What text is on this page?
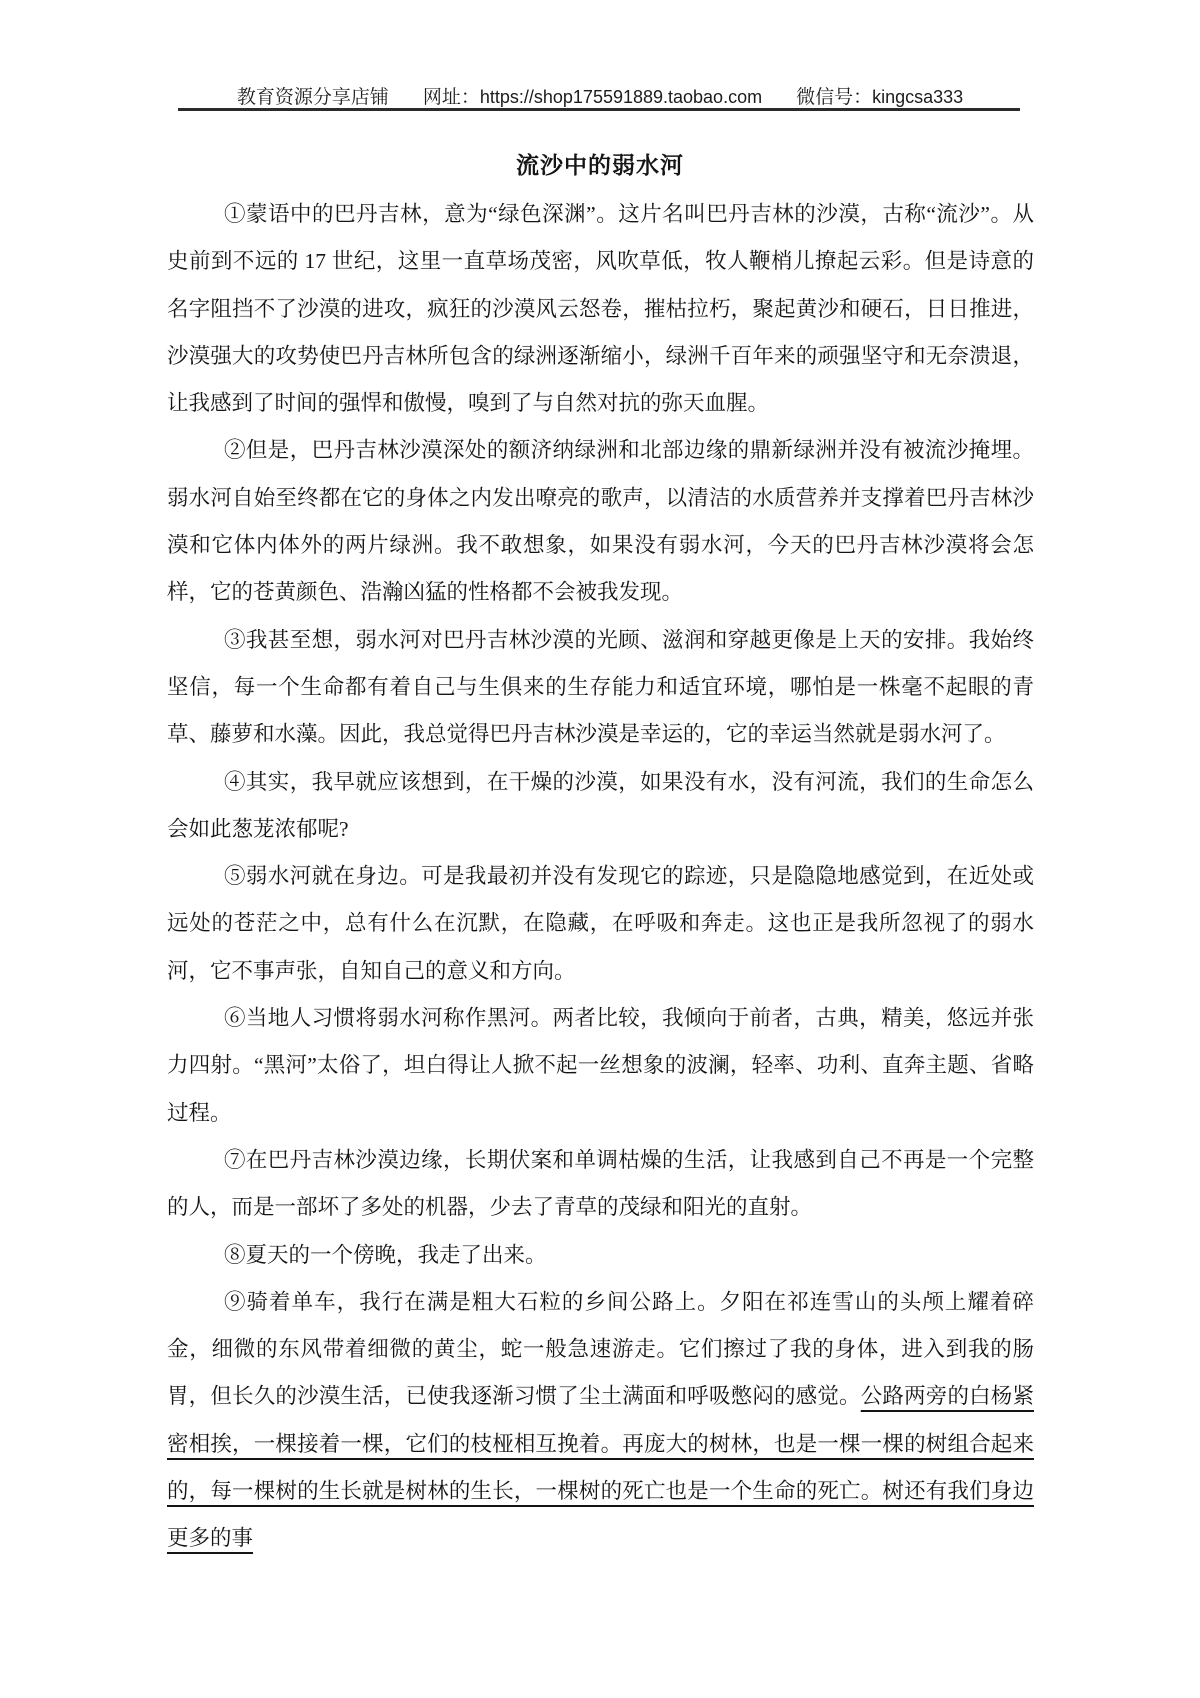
教育资源分享店铺 网址： https://shop175591889.taobao.com 微信号： kingcsa333
流沙中的弱水河

①蒙语中的巴丹吉林，意为“绿色深渊”。这片名叫巴丹吉林的沙漠，古称“流沙”。从史前到不远的 17 世纪，这里一直草场茂密，风吹草低，牧人鞭梢儿撩起云彩。但是诗意的名字阻挡不了沙漠的进攻，疯狂的沙漠风云怒卷，摧枯拉朽，聚起黄沙和硬石，日日推进，沙漠强大的攻势使巴丹吉林所包含的绿洲逐渐缩小，绿洲千百年来的顽强坚守和无奈溃退，让我感到了时间的强悍和傲慢，嗅到了与自然对抗的弥天血腥。

②但是，巴丹吉林沙漠深处的额济纳绿洲和北部边缘的鼎新绿洲并没有被流沙掩埋。弱水河自始至终都在它的身体之内发出嘹亮的歌声，以清洁的水质营养并支撑着巴丹吉林沙漠和它体内体外的两片绿洲。我不敢想象，如果没有弱水河，今天的巴丹吉林沙漠将会怎样，它的苍黄颜色、浩瀚凶猛的性格都不会被我发现。

③我甚至想，弱水河对巴丹吉林沙漠的光顾、滋润和穿越更像是上天的安排。我始终坚信，每一个生命都有着自己与生俱来的生存能力和适宜环境，哪怕是一株毫不起眼的青草、藤萝和水藻。因此，我总觉得巴丹吉林沙漠是幸运的，它的幸运当然就是弱水河了。

④其实，我早就应该想到，在干燥的沙漠，如果没有水，没有河流，我们的生命怎么会如此葱茏浓郁呢?

⑤弱水河就在身边。可是我最初并没有发现它的踪迹，只是隐隐地感觉到，在近处或远处的苍茫之中，总有什么在沉默，在隐藏，在呼吸和奔走。这也正是我所忽视了的弱水河，它不事声张，自知自己的意义和方向。

⑥当地人习惯将弱水河称作黑河。两者比较，我倾向于前者，古典，精美，悠远并张力四射。“黑河”太俗了，坦白得让人掀不起一丝想象的波澜，轻率、功利、直奔主题、省略过程。

⑦在巴丹吉林沙漠边缘，长期伏案和单调枯燥的生活，让我感到自己不再是一个完整的人，而是一部坏了多处的机器，少去了青草的茂绿和阳光的直射。

⑧夏天的一个傍晚，我走了出来。

⑨骑着单车，我行在满是粗大石粒的乡间公路上。夕阳在祁连雪山的头颅上耀着碎金，细微的东风带着细微的黄尘，蛇一般急速游走。它们擦过了我的身体，进入到我的肠胃，但长久的沙漠生活，已使我逐渐习惯了尘土满面和呼吸憋闷的感觉。公路两旁的白杨紧密相挨，一棵接着一棵，它们的枝桠相互挽着。再庞大的树林，也是一棵一棵的树组合起来的，每一棵树的生长就是树林的生长，一棵树的死亡也是一个生命的死亡。树还有我们身边更多的事
